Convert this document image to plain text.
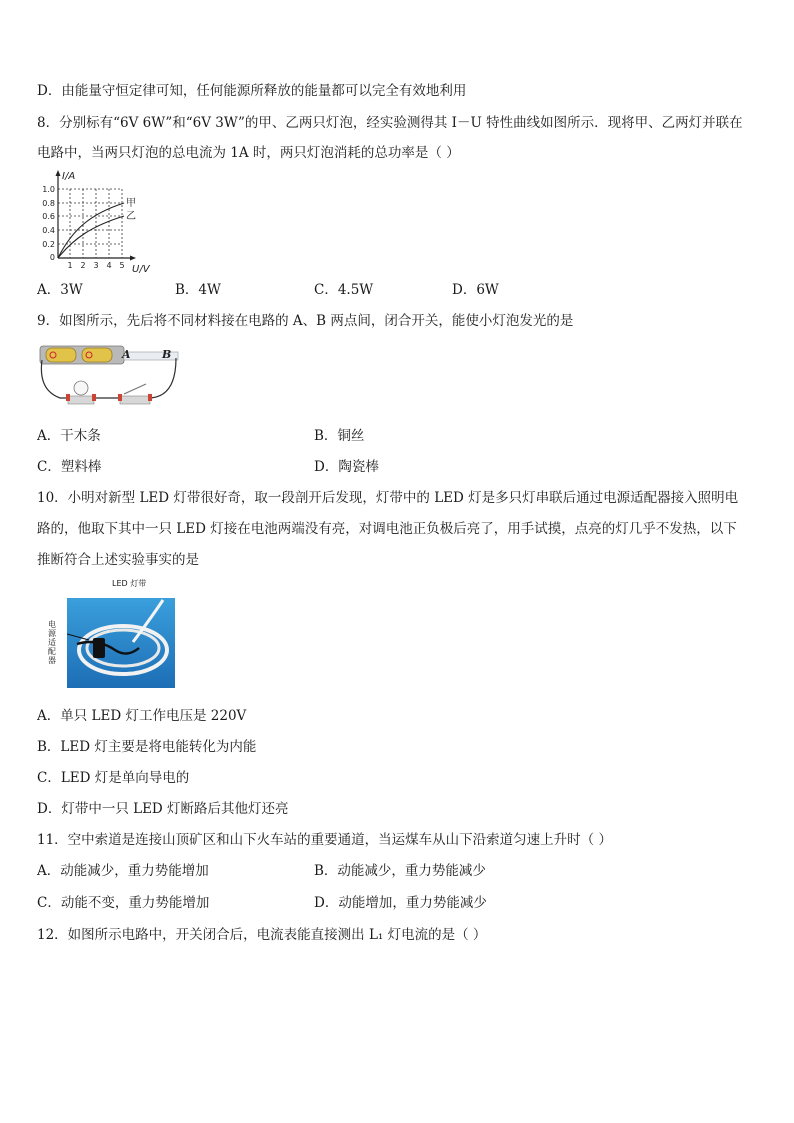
D．由能量守恒定律可知，任何能源所释放的能量都可以完全有效地利用
8．分别标有“6V 6W”和“6V 3W”的甲、乙两只灯泡，经实验测得其 I－U 特性曲线如图所示．现将甲、乙两灯并联在
电路中，当两只灯泡的总电流为 1A 时，两只灯泡消耗的总功率是（ ）
1.0
0.8
0.6
0.4
0.2
0
1 2 3 4 5
I/A
U/V
甲
乙
A．3W	B．4W	C．4.5W	D．6W
9．如图所示，先后将不同材料接在电路的 A、B 两点间，闭合开关，能使小灯泡发光的是
A	B
A．干木条	B．铜丝
C．塑料棒	D．陶瓷棒
10．小明对新型 LED 灯带很好奇，取一段剖开后发现，灯带中的 LED 灯是多只灯串联后通过电源适配器接入照明电
路的，他取下其中一只 LED 灯接在电池两端没有亮，对调电池正负极后亮了，用手试摸，点亮的灯几乎不发热，以下
推断符合上述实验事实的是
LED 灯带
电源适配器
A．单只 LED 灯工作电压是 220V
B．LED 灯主要是将电能转化为内能
C．LED 灯是单向导电的
D．灯带中一只 LED 灯断路后其他灯还亮
11．空中索道是连接山顶矿区和山下火车站的重要通道，当运煤车从山下沿索道匀速上升时（ ）
A．动能减少，重力势能增加	B．动能减少，重力势能减少
C．动能不变，重力势能增加	D．动能增加，重力势能减少
12．如图所示电路中，开关闭合后，电流表能直接测出 L₁ 灯电流的是（ ）
